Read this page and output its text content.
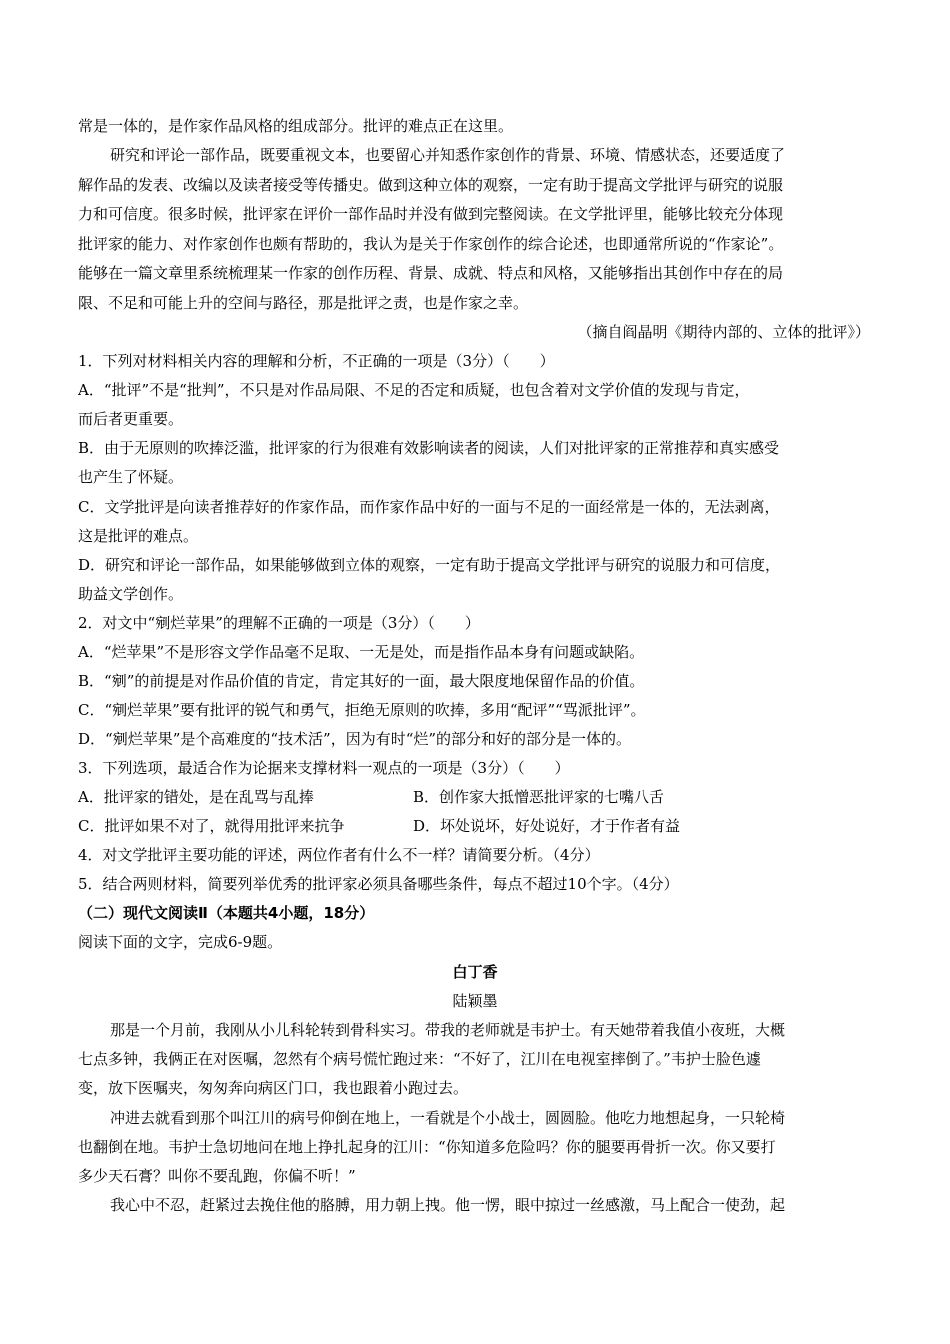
常是一体的，是作家作品风格的组成部分。批评的难点正在这里。
研究和评论一部作品，既要重视文本，也要留心并知悉作家创作的背景、环境、情感状态，还要适度了
解作品的发表、改编以及读者接受等传播史。做到这种立体的观察，一定有助于提高文学批评与研究的说服
力和可信度。很多时候，批评家在评价一部作品时并没有做到完整阅读。在文学批评里，能够比较充分体现
批评家的能力、对作家创作也颇有帮助的，我认为是关于作家创作的综合论述，也即通常所说的“作家论”。
能够在一篇文章里系统梳理某一作家的创作历程、背景、成就、特点和风格，又能够指出其创作中存在的局
限、不足和可能上升的空间与路径，那是批评之责，也是作家之幸。
（摘自阎晶明《期待内部的、立体的批评》）
1．下列对材料相关内容的理解和分析，不正确的一项是（3分）（　　）
A．“批评”不是“批判”，不只是对作品局限、不足的否定和质疑，也包含着对文学价值的发现与肯定，
而后者更重要。
B．由于无原则的吹捧泛滥，批评家的行为很难有效影响读者的阅读，人们对批评家的正常推荐和真实感受
也产生了怀疑。
C．文学批评是向读者推荐好的作家作品，而作家作品中好的一面与不足的一面经常是一体的，无法剥离，
这是批评的难点。
D．研究和评论一部作品，如果能够做到立体的观察，一定有助于提高文学批评与研究的说服力和可信度，
助益文学创作。
2．对文中“剜烂苹果”的理解不正确的一项是（3分）（　　）
A．“烂苹果”不是形容文学作品毫不足取、一无是处，而是指作品本身有问题或缺陷。
B．“剜”的前提是对作品价值的肯定，肯定其好的一面，最大限度地保留作品的价值。
C．“剜烂苹果”要有批评的锐气和勇气，拒绝无原则的吹捧，多用“配评”“骂派批评”。
D．“剜烂苹果”是个高难度的“技术活”，因为有时“烂”的部分和好的部分是一体的。
3．下列选项，最适合作为论据来支撑材料一观点的一项是（3分）（　　）
A．批评家的错处，是在乱骂与乱捧	B．创作家大抵憎恶批评家的七嘴八舌
C．批评如果不对了，就得用批评来抗争	D．坏处说坏，好处说好，才于作者有益
4．对文学批评主要功能的评述，两位作者有什么不一样？请简要分析。（4分）
5．结合两则材料，简要列举优秀的批评家必须具备哪些条件，每点不超过10个字。（4分）
（二）现代文阅读Ⅱ（本题共4小题，18分）
阅读下面的文字，完成6-9题。
白丁香
陆颖墨
那是一个月前，我刚从小儿科轮转到骨科实习。带我的老师就是韦护士。有天她带着我值小夜班，大概
七点多钟，我俩正在对医嘱，忽然有个病号慌忙跑过来：“不好了，江川在电视室摔倒了。”韦护士脸色遽
变，放下医嘱夹，匆匆奔向病区门口，我也跟着小跑过去。
冲进去就看到那个叫江川的病号仰倒在地上，一看就是个小战士，圆圆脸。他吃力地想起身，一只轮椅
也翻倒在地。韦护士急切地问在地上挣扎起身的江川：“你知道多危险吗？你的腿要再骨折一次。你又要打
多少天石膏？叫你不要乱跑，你偏不听！”
我心中不忍，赶紧过去挽住他的胳膊，用力朝上拽。他一愣，眼中掠过一丝感激，马上配合一使劲，起
